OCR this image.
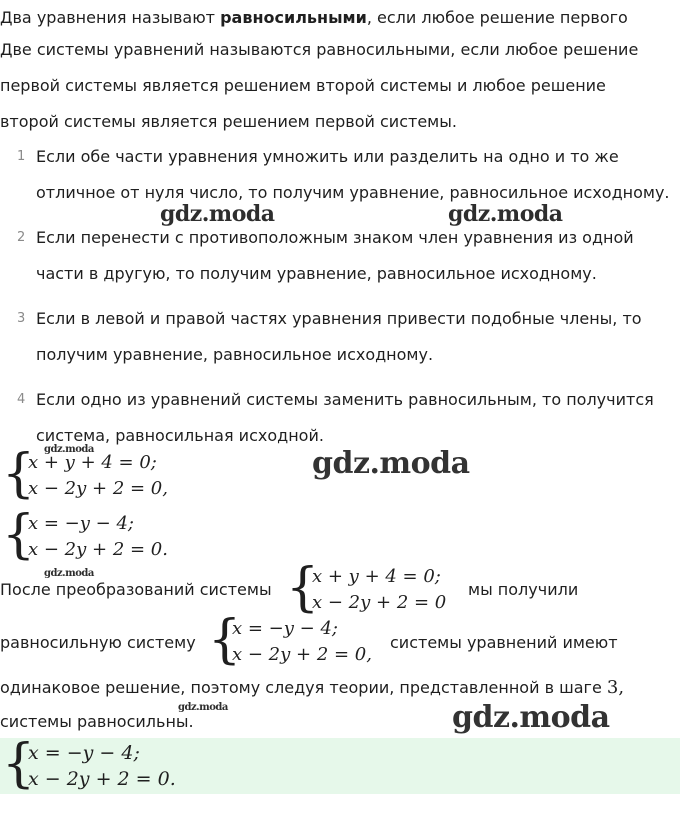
Два уравнения называют равносильными, если любое решение первого
Две системы уравнений называются равносильными, если любое решение
первой системы является решением второй системы и любое решение
второй системы является решением первой системы.
1 Если обе части уравнения умножить или разделить на одно и то же
отличное от нуля число, то получим уравнение, равносильное исходному.
2 Если перенести с противоположным знаком член уравнения из одной
части в другую, то получим уравнение, равносильное исходному.
3 Если в левой и правой частях уравнения привести подобные члены, то
получим уравнение, равносильное исходному.
4 Если одно из уравнений системы заменить равносильным, то получится
система, равносильная исходной.
gdz.moda	gdz.moda
gdz.moda	gdz.moda
gdz.moda
gdz.moda	gdz.moda
{
x + y + 4 = 0;
x − 2y + 2 = 0,
{
x = −y − 4;
x − 2y + 2 = 0.
После преобразований системы {
x + y + 4 = 0;
x − 2y + 2 = 0
мы получили
равносильную систему {
x = −y − 4;
x − 2y + 2 = 0,
системы уравнений имеют
одинаковое решение, поэтому следуя теории, представленной в шаге 3,
системы равносильны.
{
x = −y − 4;
x − 2y + 2 = 0.
